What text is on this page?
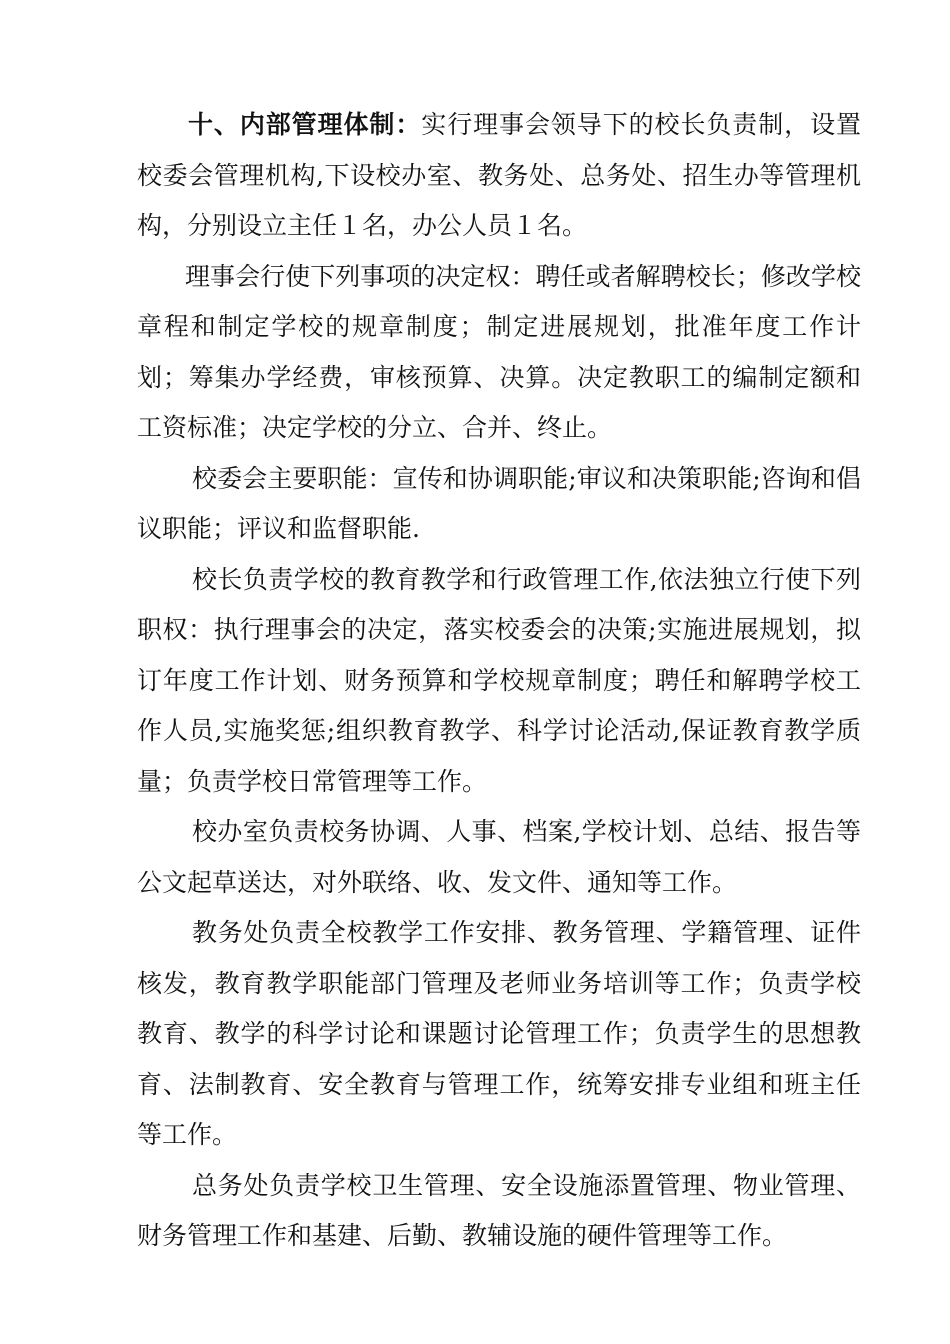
十、内部管理体制：实行理事会领导下的校长负责制，设置校委会管理机构,下设校办室、教务处、总务处、招生办等管理机构，分别设立主任１名，办公人员１名。

理事会行使下列事项的决定权：聘任或者解聘校长；修改学校章程和制定学校的规章制度；制定进展规划，批准年度工作计划；筹集办学经费，审核预算、决算。决定教职工的编制定额和工资标准；决定学校的分立、合并、终止。

校委会主要职能：宣传和协调职能;审议和决策职能;咨询和倡议职能；评议和监督职能.

校长负责学校的教育教学和行政管理工作,依法独立行使下列职权：执行理事会的决定，落实校委会的决策;实施进展规划，拟订年度工作计划、财务预算和学校规章制度；聘任和解聘学校工作人员,实施奖惩;组织教育教学、科学讨论活动,保证教育教学质量；负责学校日常管理等工作。

校办室负责校务协调、人事、档案,学校计划、总结、报告等公文起草送达，对外联络、收、发文件、通知等工作。

教务处负责全校教学工作安排、教务管理、学籍管理、证件核发，教育教学职能部门管理及老师业务培训等工作；负责学校教育、教学的科学讨论和课题讨论管理工作；负责学生的思想教育、法制教育、安全教育与管理工作，统筹安排专业组和班主任等工作。

总务处负责学校卫生管理、安全设施添置管理、物业管理、财务管理工作和基建、后勤、教辅设施的硬件管理等工作。
